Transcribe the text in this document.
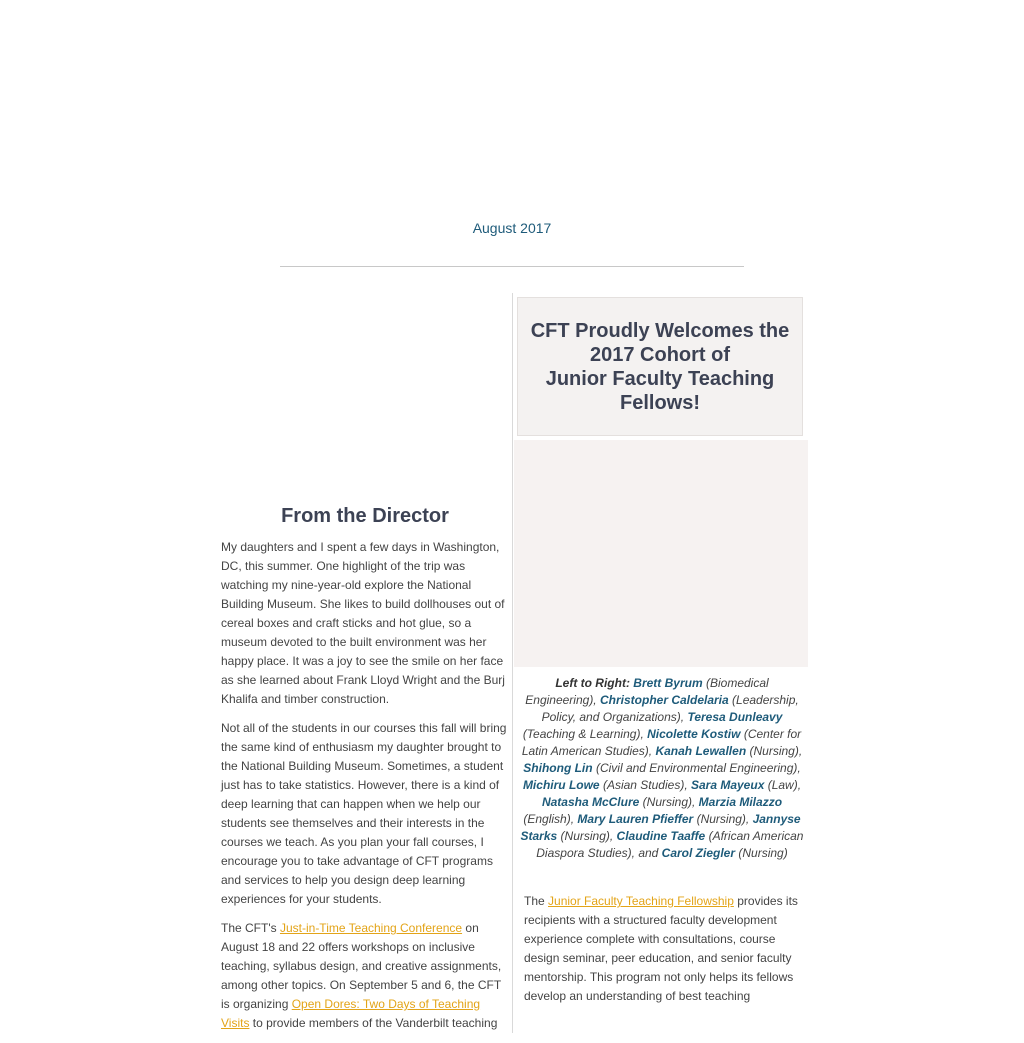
August 2017
From the Director

My daughters and I spent a few days in Washington, DC, this summer. One highlight of the trip was watching my nine-year-old explore the National Building Museum. She likes to build dollhouses out of cereal boxes and craft sticks and hot glue, so a museum devoted to the built environment was her happy place. It was a joy to see the smile on her face as she learned about Frank Lloyd Wright and the Burj Khalifa and timber construction.

Not all of the students in our courses this fall will bring the same kind of enthusiasm my daughter brought to the National Building Museum. Sometimes, a student just has to take statistics. However, there is a kind of deep learning that can happen when we help our students see themselves and their interests in the courses we teach. As you plan your fall courses, I encourage you to take advantage of CFT programs and services to help you design deep learning experiences for your students.

The CFT's Just-in-Time Teaching Conference on August 18 and 22 offers workshops on inclusive teaching, syllabus design, and creative assignments, among other topics. On September 5 and 6, the CFT is organizing Open Dores: Two Days of Teaching Visits to provide members of the Vanderbilt teaching

CFT Proudly Welcomes the 2017 Cohort of
Junior Faculty Teaching Fellows!

Left to Right: Brett Byrum (Biomedical Engineering), Christopher Caldelaria (Leadership, Policy, and Organizations), Teresa Dunleavy (Teaching & Learning), Nicolette Kostiw (Center for Latin American Studies), Kanah Lewallen (Nursing), Shihong Lin (Civil and Environmental Engineering), Michiru Lowe (Asian Studies), Sara Mayeux (Law), Natasha McClure (Nursing), Marzia Milazzo (English), Mary Lauren Pfieffer (Nursing), Jannyse Starks (Nursing), Claudine Taaffe (African American Diaspora Studies), and Carol Ziegler (Nursing)

The Junior Faculty Teaching Fellowship provides its recipients with a structured faculty development experience complete with consultations, course design seminar, peer education, and senior faculty mentorship. This program not only helps its fellows develop an understanding of best teaching
